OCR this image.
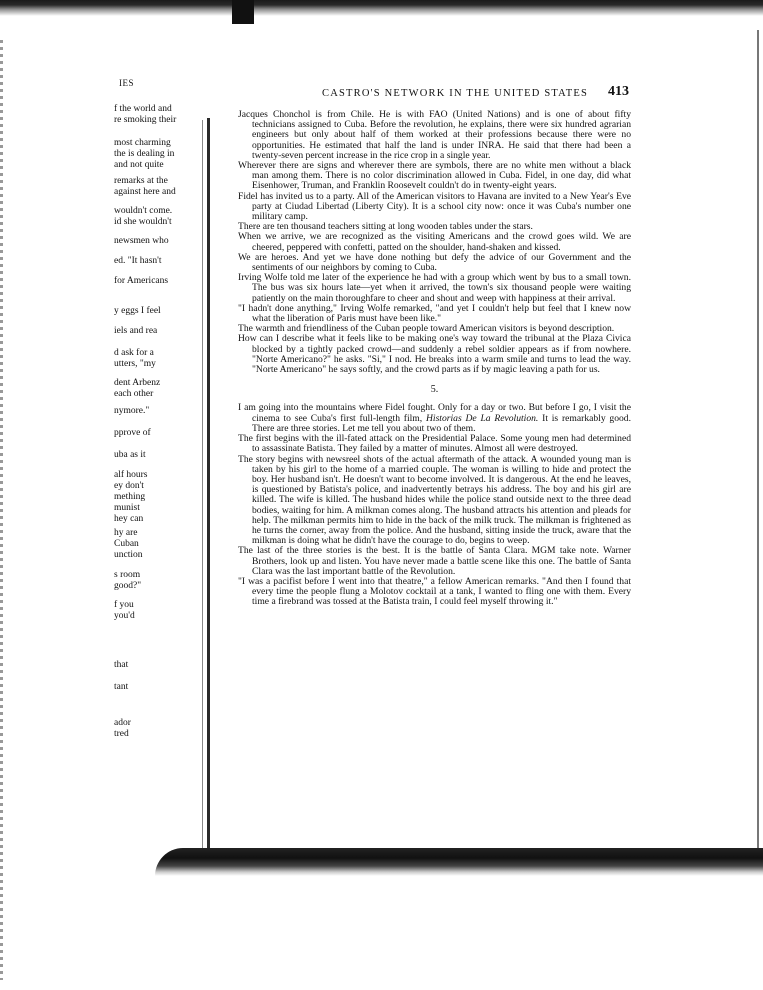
IES
f the world and
re smoking their
most charming
the is dealing in
and not quite
remarks at the
against here and
wouldn't come.
id she wouldn't
newsmen who
ed. "It hasn't
for Americans
y eggs I feel
iels and rea
d ask for a
utters, "my
dent Arbenz
each other
nymore."
pprove of
uba as it
alf hours
ey don't
mething
munist
hey can
hy are
Cuban
unction
s room
good?"
f you
you'd
that
tant
ador
tred
CASTRO'S NETWORK IN THE UNITED STATES 413

Jacques Chonchol is from Chile. He is with FAO (United Nations) and is one of about fifty technicians assigned to Cuba. Before the revolution, he explains, there were six hundred agrarian engineers but only about half of them worked at their professions because there were no opportunities. He estimated that half the land is under INRA. He said that there had been a twenty-seven percent increase in the rice crop in a single year.

Wherever there are signs and wherever there are symbols, there are no white men without a black man among them. There is no color discrimination allowed in Cuba. Fidel, in one day, did what Eisenhower, Truman, and Franklin Roosevelt couldn't do in twenty-eight years.

Fidel has invited us to a party. All of the American visitors to Havana are invited to a New Year's Eve party at Ciudad Libertad (Liberty City). It is a school city now: once it was Cuba's number one military camp.

There are ten thousand teachers sitting at long wooden tables under the stars.

When we arrive, we are recognized as the visiting Americans and the crowd goes wild. We are cheered, peppered with confetti, patted on the shoulder, hand-shaken and kissed.

We are heroes. And yet we have done nothing but defy the advice of our Government and the sentiments of our neighbors by coming to Cuba.

Irving Wolfe told me later of the experience he had with a group which went by bus to a small town. The bus was six hours late—yet when it arrived, the town's six thousand people were waiting patiently on the main thoroughfare to cheer and shout and weep with happiness at their arrival.

"I hadn't done anything," Irving Wolfe remarked, "and yet I couldn't help but feel that I knew now what the liberation of Paris must have been like."

The warmth and friendliness of the Cuban people toward American visitors is beyond description.

How can I describe what it feels like to be making one's way toward the tribunal at the Plaza Civica blocked by a tightly packed crowd—and suddenly a rebel soldier appears as if from nowhere. "Norte Americano?" he asks. "Si," I nod. He breaks into a warm smile and turns to lead the way. "Norte Americano" he says softly, and the crowd parts as if by magic leaving a path for us.

5.

I am going into the mountains where Fidel fought. Only for a day or two. But before I go, I visit the cinema to see Cuba's first full-length film, Historias De La Revolution. It is remarkably good. There are three stories. Let me tell you about two of them.

The first begins with the ill-fated attack on the Presidential Palace. Some young men had determined to assassinate Batista. They failed by a matter of minutes. Almost all were destroyed.

The story begins with newsreel shots of the actual aftermath of the attack. A wounded young man is taken by his girl to the home of a married couple. The woman is willing to hide and protect the boy. Her husband isn't. He doesn't want to become involved. It is dangerous. At the end he leaves, is questioned by Batista's police, and inadvertently betrays his address. The boy and his girl are killed. The wife is killed. The husband hides while the police stand outside next to the three dead bodies, waiting for him. A milkman comes along. The husband attracts his attention and pleads for help. The milkman permits him to hide in the back of the milk truck. The milkman is frightened as he turns the corner, away from the police. And the husband, sitting inside the truck, aware that the milkman is doing what he didn't have the courage to do, begins to weep.

The last of the three stories is the best. It is the battle of Santa Clara. MGM take note. Warner Brothers, look up and listen. You have never made a battle scene like this one. The battle of Santa Clara was the last important battle of the Revolution.

"I was a pacifist before I went into that theatre," a fellow American remarks. "And then I found that every time the people flung a Molotov cocktail at a tank, I wanted to fling one with them. Every time a firebrand was tossed at the Batista train, I could feel myself throwing it."
